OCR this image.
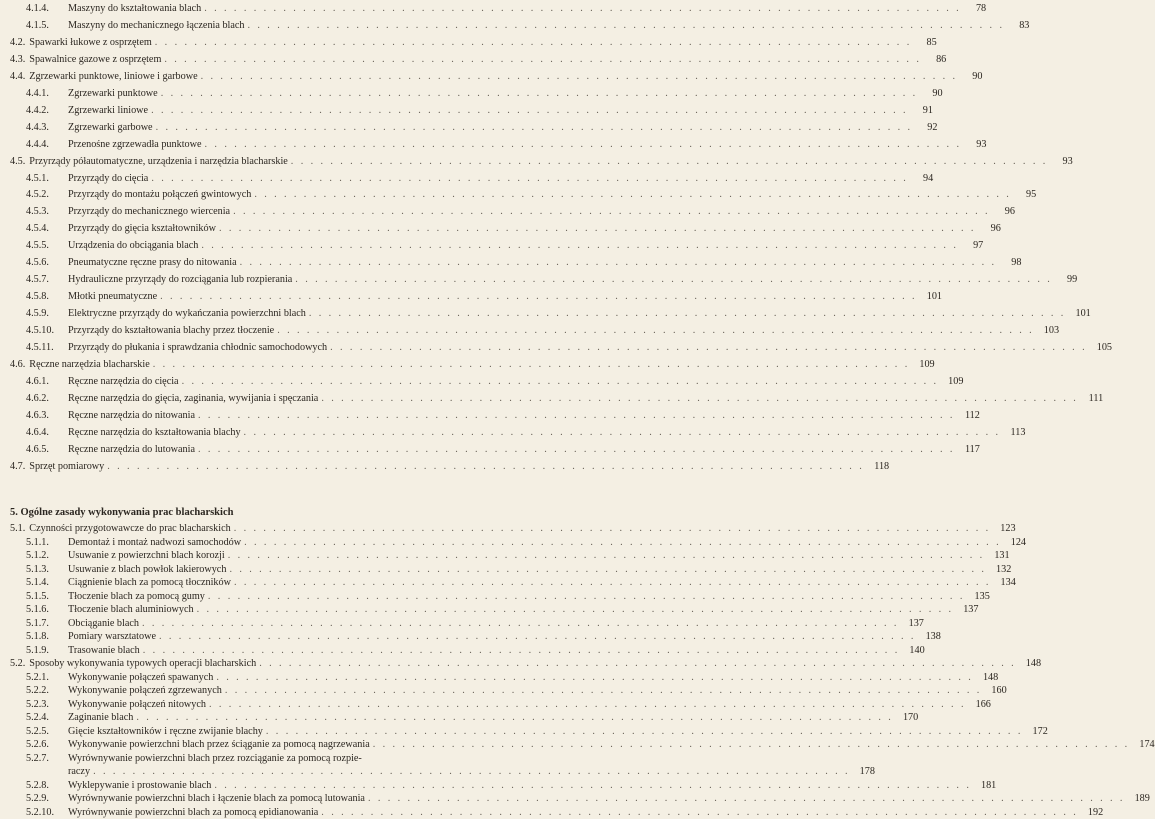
4.1.4.	Maszyny do kształtowania blach . . .	78
4.1.5.	Maszyny do mechanicznego łączenia blach . . .	83
4.2. Spawarki łukowe z osprzętem . . .	85
4.3. Spawalnice gazowe z osprzętem . . .	86
4.4. Zgrzewarki punktowe, liniowe i garbowe . . .	90
4.4.1.	Zgrzewarki punktowe . . .	90
4.4.2.	Zgrzewarki liniowe . . .	91
4.4.3.	Zgrzewarki garbowe . . .	92
4.4.4.	Przenośne zgrzewadła punktowe . . .	93
4.5. Przyrządy półautomatyczne, urządzenia i narzędzia blacharskie . . .	93
4.5.1.	Przyrządy do cięcia . . .	94
4.5.2.	Przyrządy do montażu połączeń gwintowych . . .	95
4.5.3.	Przyrządy do mechanicznego wiercenia . . .	96
4.5.4.	Przyrządy do gięcia kształtowników . . .	96
4.5.5.	Urządzenia do obciągania blach . . .	97
4.5.6.	Pneumatyczne ręczne prasy do nitowania . . .	98
4.5.7.	Hydrauliczne przyrządy do rozciągania lub rozpierania . . .	99
4.5.8.	Młotki pneumatyczne . . .	101
4.5.9.	Elektryczne przyrządy do wykańczania powierzchni blach . . .	101
4.5.10.	Przyrządy do kształtowania blachy przez tłoczenie . . .	103
4.5.11.	Przyrządy do płukania i sprawdzania chłodnic samochodowych . . .	105
4.6. Ręczne narzędzia blacharskie . . .	109
4.6.1.	Ręczne narzędzia do cięcia . . .	109
4.6.2.	Ręczne narzędzia do gięcia, zaginania, wywijania i spęczania . . .	111
4.6.3.	Ręczne narzędzia do nitowania . . .	112
4.6.4.	Ręczne narzędzia do kształtowania blachy . . .	113
4.6.5.	Ręczne narzędzia do lutowania . . .	117
4.7. Sprzęt pomiarowy . . .	118
5. Ogólne zasady wykonywania prac blacharskich
5.1. Czynności przygotowawcze do prac blacharskich . . .	123
5.1.1.	Demontaż i montaż nadwozi samochodów . . .	124
5.1.2.	Usuwanie z powierzchni blach korozji . . .	131
5.1.3.	Usuwanie z blach powłok lakierowych . . .	132
5.1.4.	Ciągnienie blach za pomocą tłoczników . . .	134
5.1.5.	Tłoczenie blach za pomocą gumy . . .	135
5.1.6.	Tłoczenie blach aluminiowych . . .	137
5.1.7.	Obciąganie blach . . .	137
5.1.8.	Pomiary warsztatowe . . .	138
5.1.9.	Trasowanie blach . . .	140
5.2. Sposoby wykonywania typowych operacji blacharskich . . .	148
5.2.1.	Wykonywanie połączeń spawanych . . .	148
5.2.2.	Wykonywanie połączeń zgrzewanych . . .	160
5.2.3.	Wykonywanie połączeń nitowych . . .	166
5.2.4.	Zaginanie blach . . .	170
5.2.5.	Gięcie kształtowników i ręczne zwijanie blachy . . .	172
5.2.6.	Wykonywanie powierzchni blach przez ściąganie za pomocą nagrzewania . . .	174
5.2.7.	Wyrównywanie powierzchni blach przez rozciąganie za pomocą rozpie-
raczy . . .	178
5.2.8.	Wyklepywanie i prostowanie blach . . .	181
5.2.9.	Wyrównywanie powierzchni blach i łączenie blach za pomocą lutowania . . .	189
5.2.10.	Wyrównywanie powierzchni blach za pomocą epidianowania . . .	192
